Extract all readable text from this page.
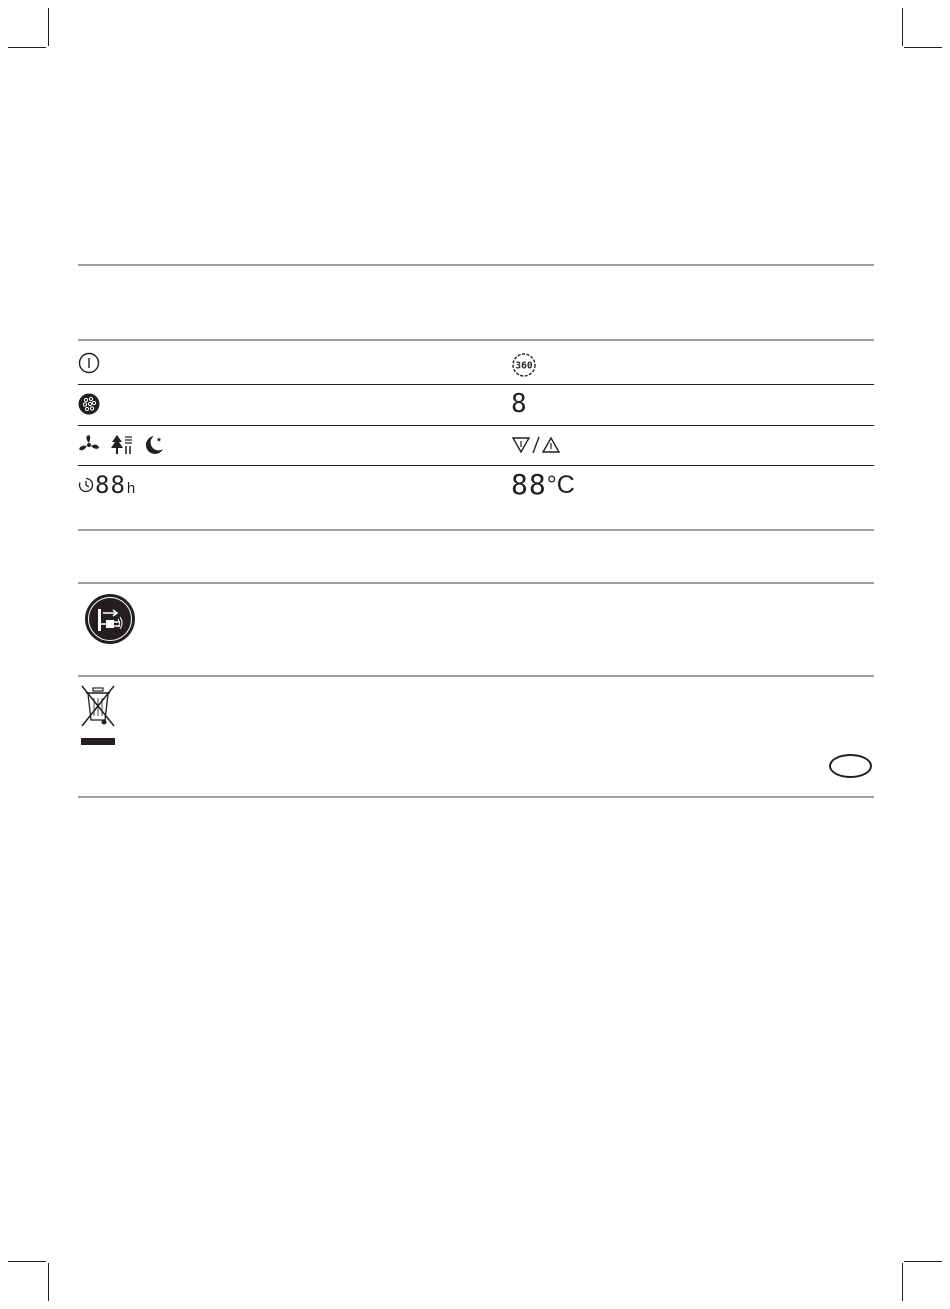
360
8
88 h	88 °C
